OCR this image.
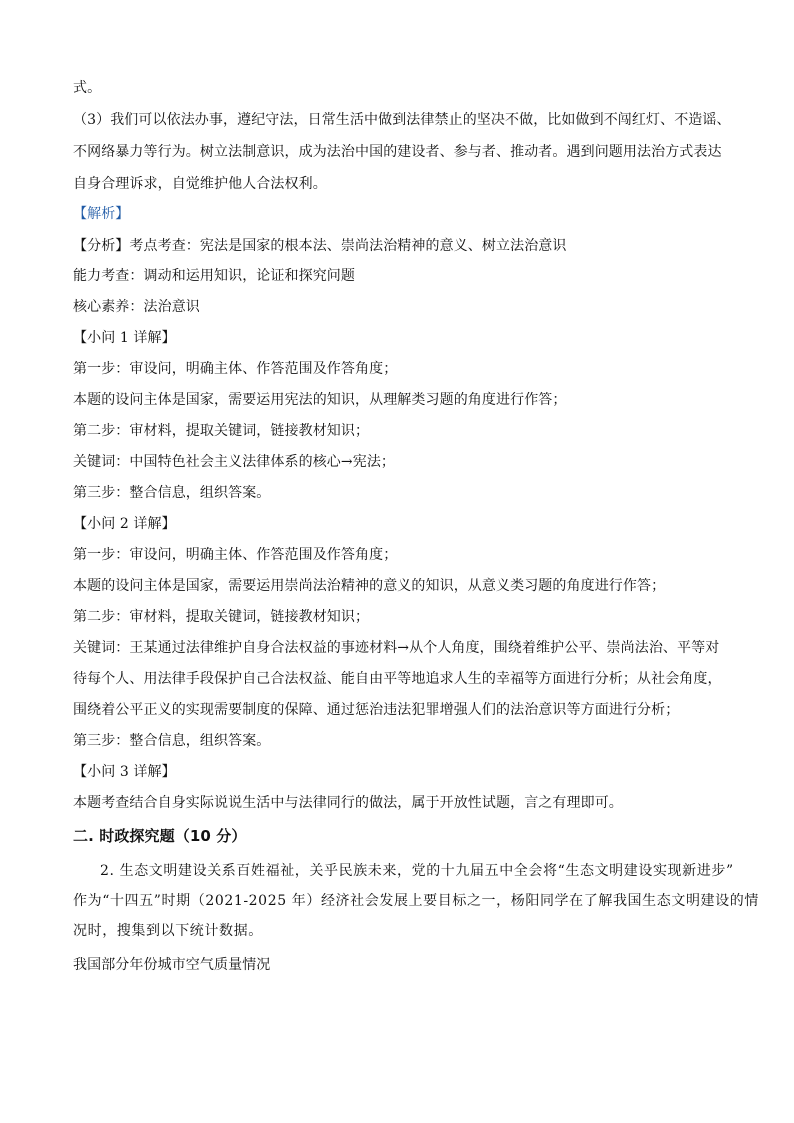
式。
（3）我们可以依法办事，遵纪守法，日常生活中做到法律禁止的坚决不做，比如做到不闯红灯、不造谣、
不网络暴力等行为。树立法制意识，成为法治中国的建设者、参与者、推动者。遇到问题用法治方式表达
自身合理诉求，自觉维护他人合法权利。
【解析】
【分析】考点考查：宪法是国家的根本法、崇尚法治精神的意义、树立法治意识
能力考查：调动和运用知识，论证和探究问题
核心素养：法治意识
【小问 1 详解】
第一步：审设问，明确主体、作答范围及作答角度；
本题的设问主体是国家，需要运用宪法的知识，从理解类习题的角度进行作答；
第二步：审材料，提取关键词，链接教材知识；
关键词：中国特色社会主义法律体系的核心→宪法；
第三步：整合信息，组织答案。
【小问 2 详解】
第一步：审设问，明确主体、作答范围及作答角度；
本题的设问主体是国家，需要运用崇尚法治精神的意义的知识，从意义类习题的角度进行作答；
第二步：审材料，提取关键词，链接教材知识；
关键词：王某通过法律维护自身合法权益的事迹材料→从个人角度，围绕着维护公平、崇尚法治、平等对
待每个人、用法律手段保护自己合法权益、能自由平等地追求人生的幸福等方面进行分析；从社会角度，
围绕着公平正义的实现需要制度的保障、通过惩治违法犯罪增强人们的法治意识等方面进行分析；
第三步：整合信息，组织答案。
【小问 3 详解】
本题考查结合自身实际说说生活中与法律同行的做法，属于开放性试题，言之有理即可。
二. 时政探究题（10 分）
2. 生态文明建设关系百姓福祉，关乎民族未来，党的十九届五中全会将“生态文明建设实现新进步”
作为“十四五”时期（2021-2025 年）经济社会发展上要目标之一，杨阳同学在了解我国生态文明建设的情
况时，搜集到以下统计数据。
我国部分年份城市空气质量情况
